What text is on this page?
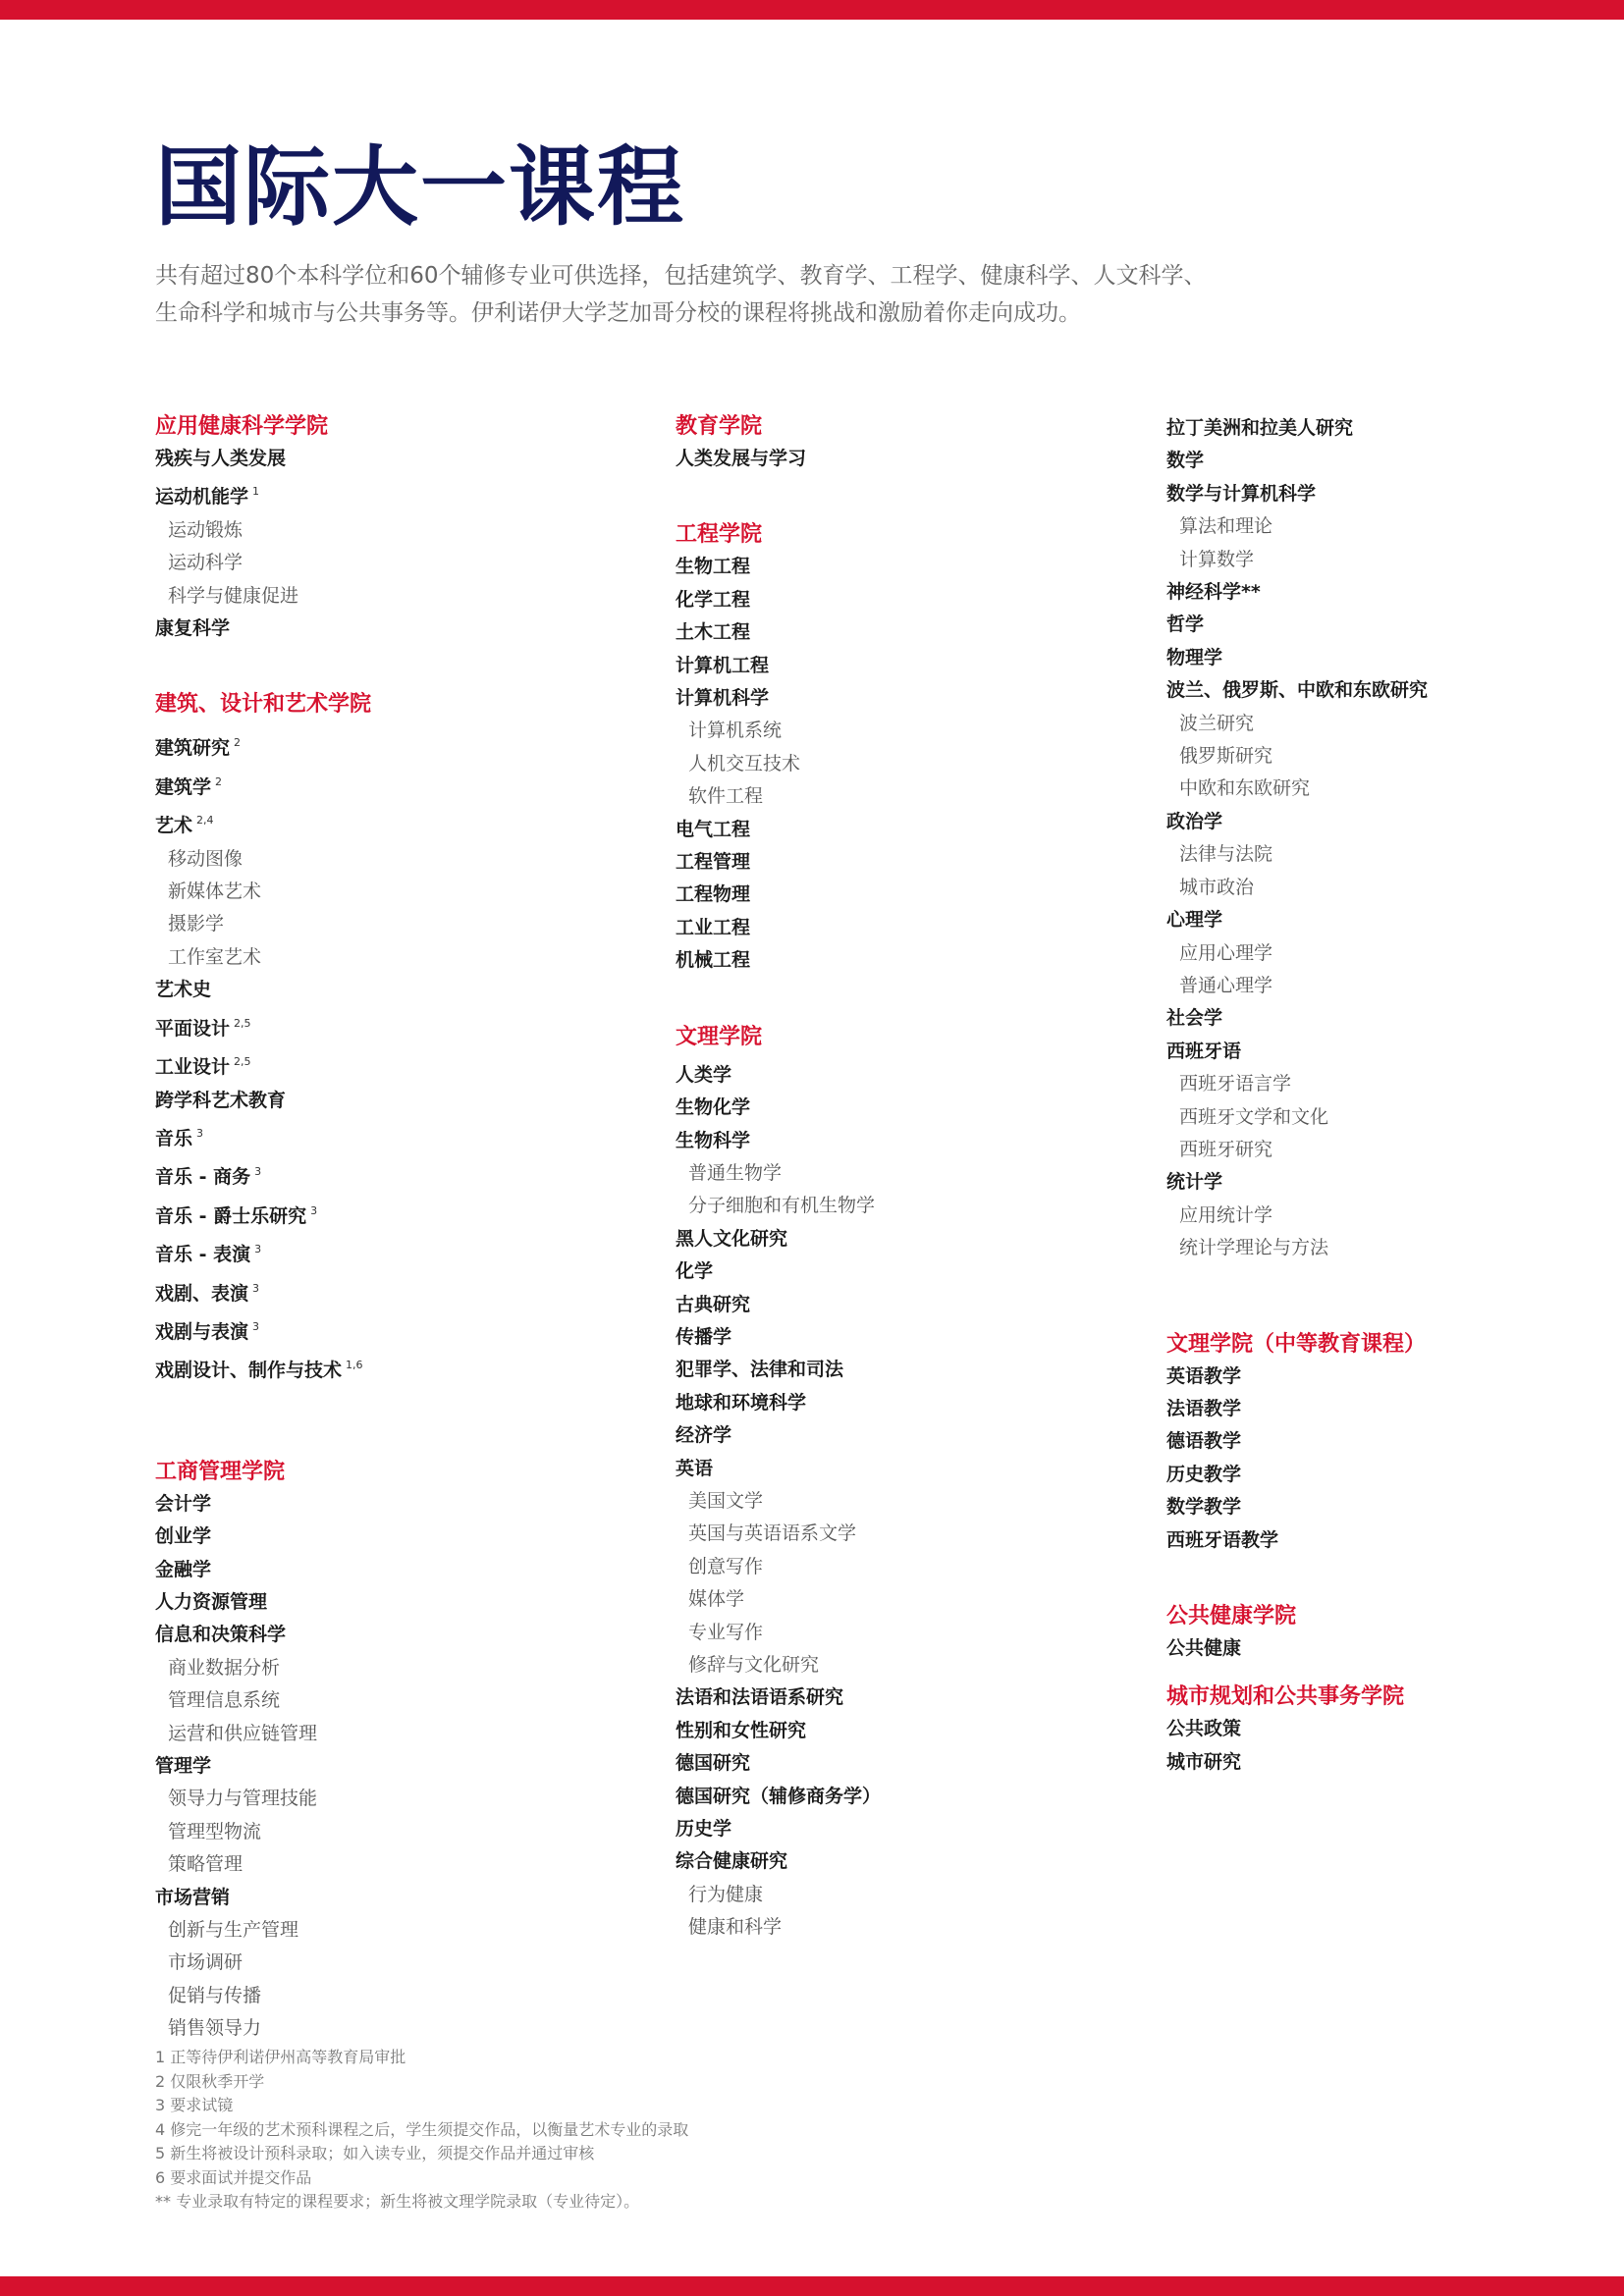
国际大一课程

共有超过80个本科学位和60个辅修专业可供选择，包括建筑学、教育学、工程学、健康科学、人文科学、

生命科学和城市与公共事务等。伊利诺伊大学芝加哥分校的课程将挑战和激励着你走向成功。

应用健康科学学院
残疾与人类发展
运动机能学 $^1$
运动锻炼
运动科学
科学与健康促进
康复科学
建筑、设计和艺术学院
建筑研究 $^2$
建筑学 $^2$
艺术 $^{2,4}$
移动图像
新媒体艺术
摄影学
工作室艺术
艺术史
平面设计 $^{2,5}$
工业设计 $^{2,5}$
跨学科艺术教育
音乐 $^3$
音乐 - 商务 $^3$
音乐 - 爵士乐研究 $^3$
音乐 - 表演 $^3$
戏剧、表演 $^3$
戏剧与表演 $^3$
戏剧设计、制作与技术 $^{1,6}$
工商管理学院
会计学
创业学
金融学
人力资源管理
信息和决策科学
商业数据分析
管理信息系统
运营和供应链管理
管理学
领导力与管理技能
管理型物流
策略管理
市场营销
创新与生产管理
市场调研
促销与传播
销售领导力
教育学院
人类发展与学习
工程学院
生物工程
化学工程
土木工程
计算机工程
计算机科学
计算机系统
人机交互技术
软件工程
电气工程
工程管理
工程物理
工业工程
机械工程
文理学院
人类学
生物化学
生物科学
普通生物学
分子细胞和有机生物学
黑人文化研究
化学
古典研究
传播学
犯罪学、法律和司法
地球和环境科学
经济学
英语
美国文学
英国与英语语系文学
创意写作
媒体学
专业写作
修辞与文化研究
法语和法语语系研究
性别和女性研究
德国研究
德国研究（辅修商务学）
历史学
综合健康研究
行为健康
健康和科学
拉丁美洲和拉美人研究
数学
数学与计算机科学
算法和理论
计算数学
神经科学**
哲学
物理学
波兰、俄罗斯、中欧和东欧研究
波兰研究
俄罗斯研究
中欧和东欧研究
政治学
法律与法院
城市政治
心理学
应用心理学
普通心理学
社会学
西班牙语
西班牙语言学
西班牙文学和文化
西班牙研究
统计学
应用统计学
统计学理论与方法
文理学院（中等教育课程）
英语教学
法语教学
德语教学
历史教学
数学教学
西班牙语教学
公共健康学院
公共健康
城市规划和公共事务学院
公共政策
城市研究
1 正等待伊利诺伊州高等教育局审批
2 仅限秋季开学
3 要求试镜
4 修完一年级的艺术预科课程之后，学生须提交作品，以衡量艺术专业的录取
5 新生将被设计预科录取；如入读专业，须提交作品并通过审核
6 要求面试并提交作品
** 专业录取有特定的课程要求；新生将被文理学院录取（专业待定）。
